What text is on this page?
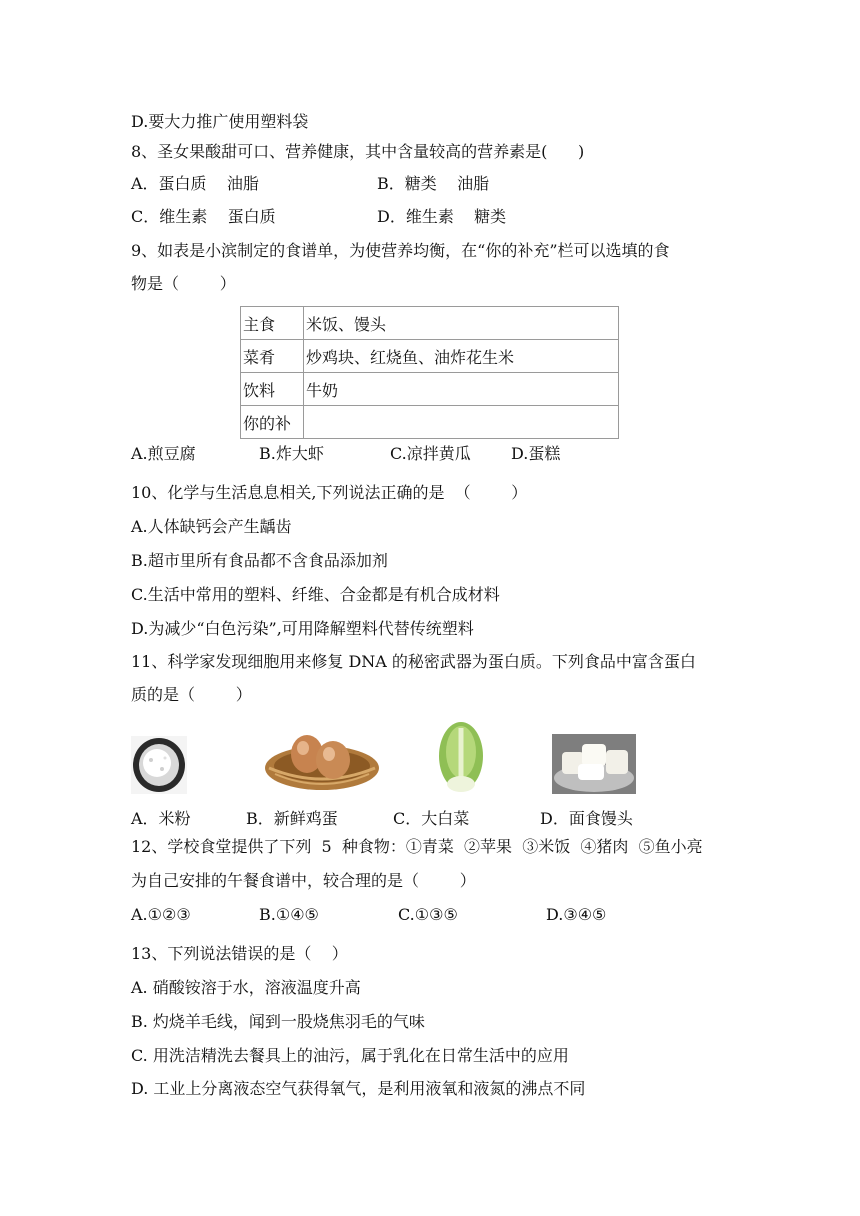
D.要大力推广使用塑料袋
8、圣女果酸甜可口、营养健康，其中含量较高的营养素是(      )
A．蛋白质    油脂	B．糖类    油脂
C．维生素    蛋白质	D．维生素    糖类
9、如表是小滨制定的食谱单，为使营养均衡，在“你的补充”栏可以选填的食
物是（        ）
主食	米饭、馒头
菜肴	炒鸡块、红烧鱼、油炸花生米
饮料	牛奶
你的补	
A.煎豆腐	B.炸大虾	C.凉拌黄瓜	D.蛋糕
10、化学与生活息息相关,下列说法正确的是  （        ）
A.人体缺钙会产生龋齿
B.超市里所有食品都不含食品添加剂
C.生活中常用的塑料、纤维、合金都是有机合成材料
D.为减少“白色污染”,可用降解塑料代替传统塑料
11、科学家发现细胞用来修复 DNA 的秘密武器为蛋白质。下列食品中富含蛋白
质的是（        ）
A．米粉	B．新鲜鸡蛋	C．大白菜	D．面食馒头
12、学校食堂提供了下列  5  种食物：①青菜  ②苹果  ③米饭  ④猪肉  ⑤鱼小亮
为自己安排的午餐食谱中，较合理的是（        ）
A.①②③	B.①④⑤	C.①③⑤	D.③④⑤
13、下列说法错误的是（    ）
A. 硝酸铵溶于水，溶液温度升高
B. 灼烧羊毛线，闻到一股烧焦羽毛的气味
C. 用洗洁精洗去餐具上的油污，属于乳化在日常生活中的应用
D. 工业上分离液态空气获得氧气，是利用液氧和液氮的沸点不同
